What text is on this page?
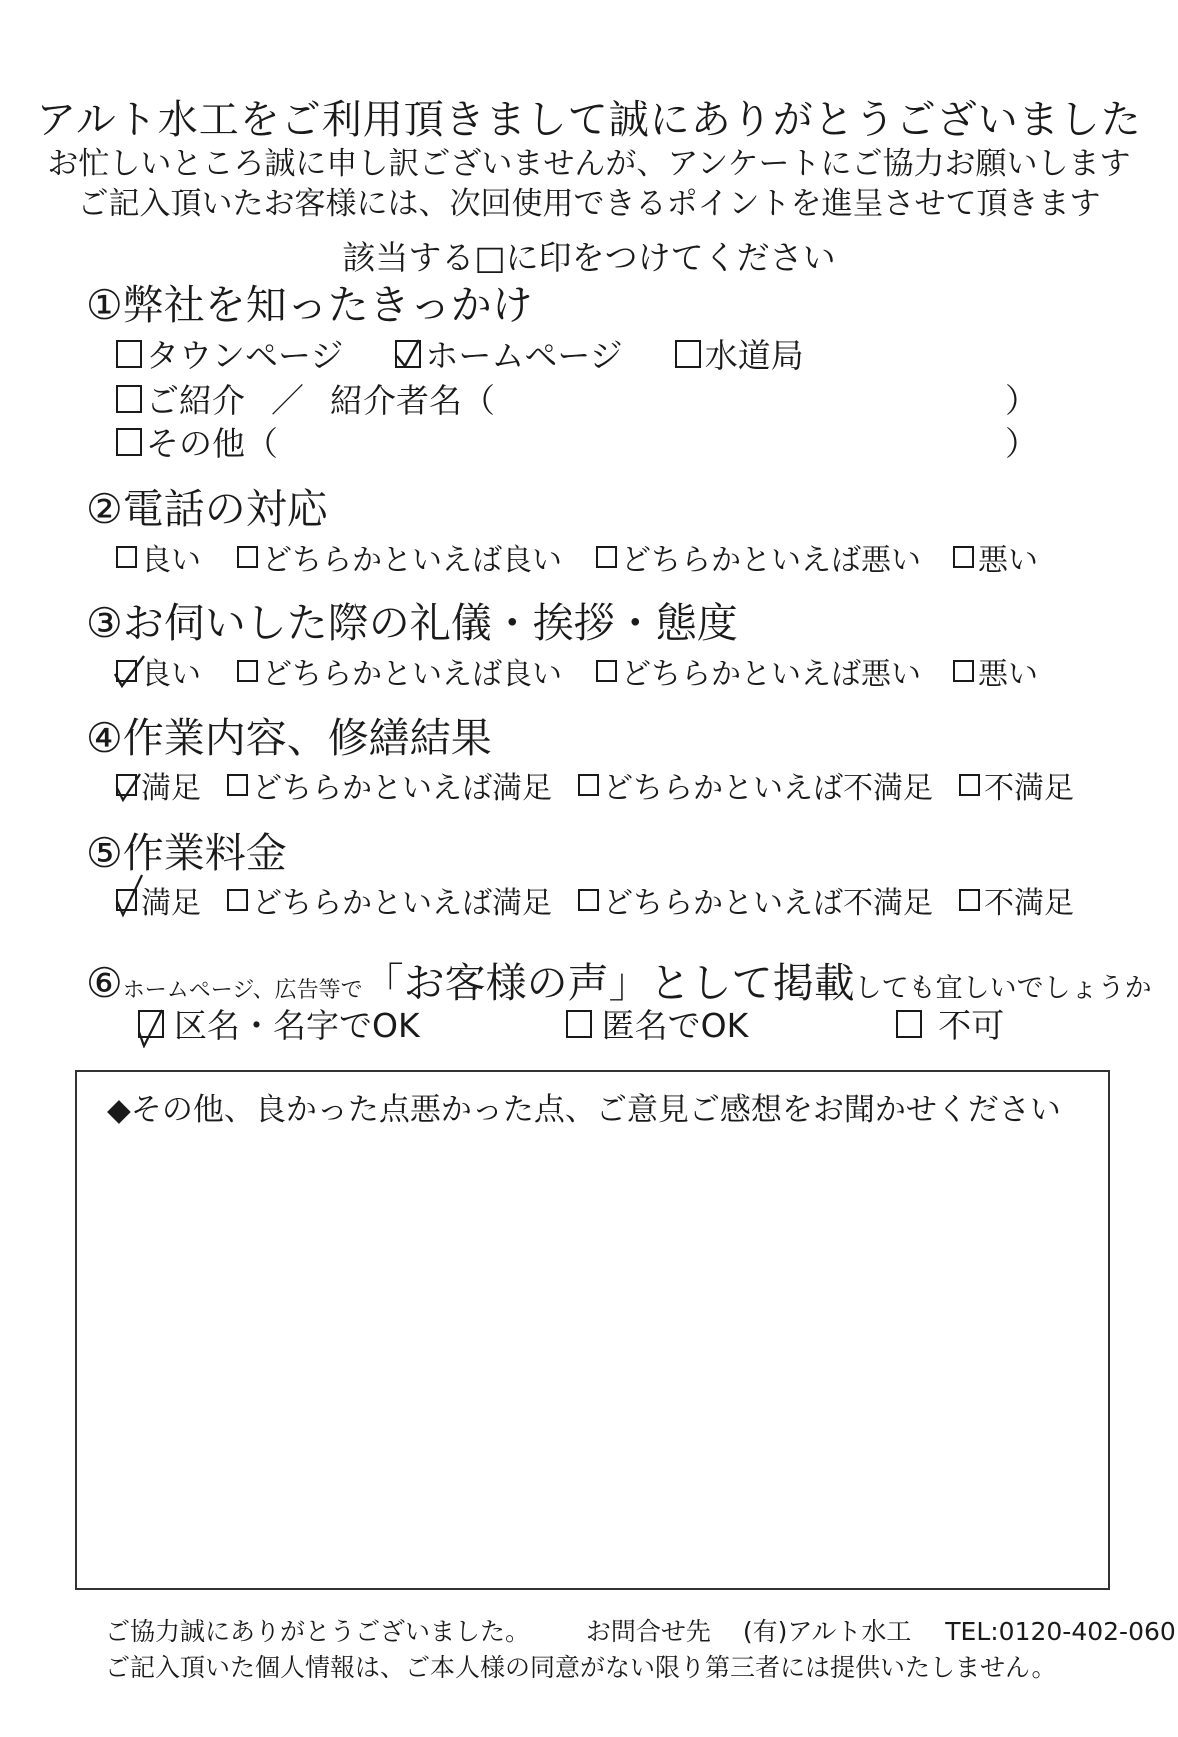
アルト水工をご利用頂きまして誠にありがとうございました
お忙しいところ誠に申し訳ございませんが、アンケートにご協力お願いします
ご記入頂いたお客様には、次回使用できるポイントを進呈させて頂きます
該当する□に印をつけてください
①弊社を知ったきっかけ
タウンページ ホームページ 水道局
ご紹介 ／ 紹介者名（	）
その他（	）
②電話の対応
良い どちらかといえば良い どちらかといえば悪い 悪い
③お伺いした際の礼儀・挨拶・態度
良い どちらかといえば良い どちらかといえば悪い 悪い
④作業内容、修繕結果
満足 どちらかといえば満足 どちらかといえば不満足 不満足
⑤作業料金
満足 どちらかといえば満足 どちらかといえば不満足 不満足
⑥ ホームページ、広告等で 「お客様の声」として掲載 しても宜しいでしょうか
区名・名字でOK	匿名でOK	不可
◆その他、良かった点悪かった点、ご意見ご感想をお聞かせください
ご協力誠にありがとうございました。 お問合せ先 (有)アルト水工 TEL:0120-402-060
ご記入頂いた個人情報は、ご本人様の同意がない限り第三者には提供いたしません。
